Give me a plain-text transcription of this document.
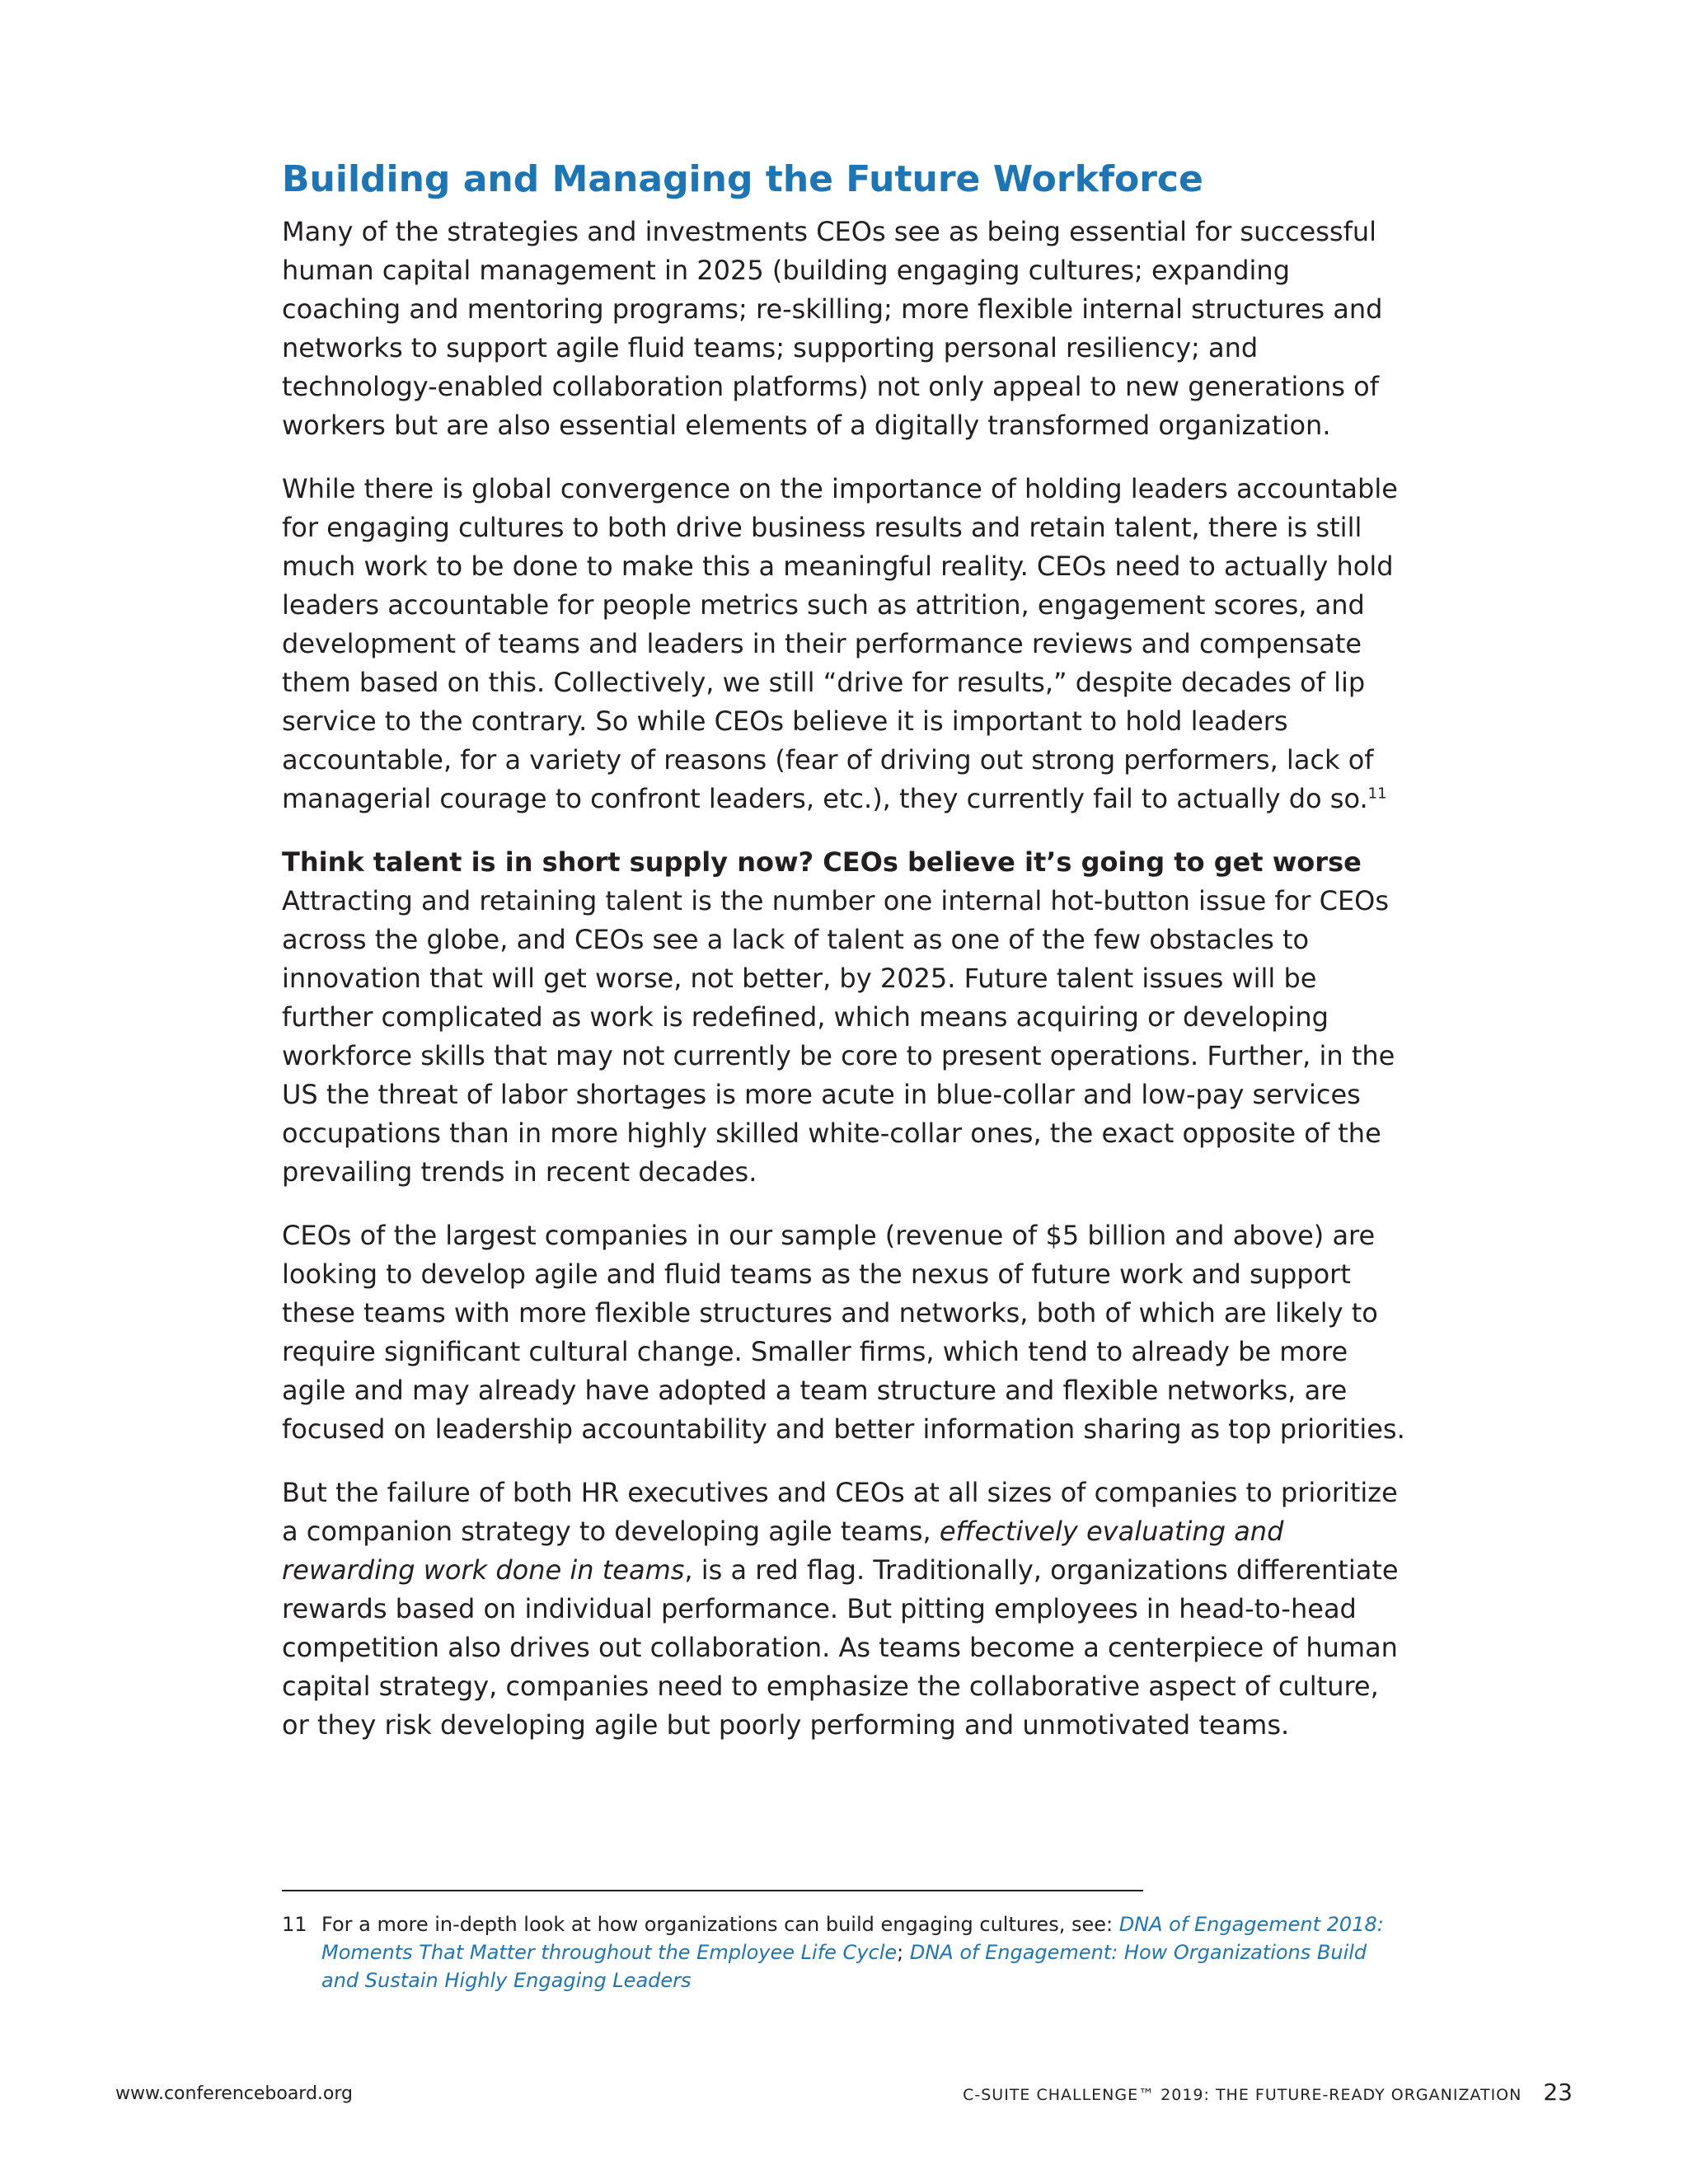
Building and Managing the Future Workforce

Many of the strategies and investments CEOs see as being essential for successful human capital management in 2025 (building engaging cultures; expanding coaching and mentoring programs; re-skilling; more flexible internal structures and networks to support agile fluid teams; supporting personal resiliency; and technology-enabled collaboration platforms) not only appeal to new generations of workers but are also essential elements of a digitally transformed organization.

While there is global convergence on the importance of holding leaders accountable for engaging cultures to both drive business results and retain talent, there is still much work to be done to make this a meaningful reality. CEOs need to actually hold leaders accountable for people metrics such as attrition, engagement scores, and development of teams and leaders in their performance reviews and compensate them based on this. Collectively, we still “drive for results,” despite decades of lip service to the contrary. So while CEOs believe it is important to hold leaders accountable, for a variety of reasons (fear of driving out strong performers, lack of managerial courage to confront leaders, etc.), they currently fail to actually do so.$^{11}$

Think talent is in short supply now? CEOs believe it’s going to get worse Attracting and retaining talent is the number one internal hot-button issue for CEOs across the globe, and CEOs see a lack of talent as one of the few obstacles to innovation that will get worse, not better, by 2025. Future talent issues will be further complicated as work is redefined, which means acquiring or developing workforce skills that may not currently be core to present operations. Further, in the US the threat of labor shortages is more acute in blue-collar and low-pay services occupations than in more highly skilled white-collar ones, the exact opposite of the prevailing trends in recent decades.

CEOs of the largest companies in our sample (revenue of $5 billion and above) are looking to develop agile and fluid teams as the nexus of future work and support these teams with more flexible structures and networks, both of which are likely to require significant cultural change. Smaller firms, which tend to already be more agile and may already have adopted a team structure and flexible networks, are focused on leadership accountability and better information sharing as top priorities.

But the failure of both HR executives and CEOs at all sizes of companies to prioritize a companion strategy to developing agile teams, effectively evaluating and rewarding work done in teams, is a red flag. Traditionally, organizations differentiate rewards based on individual performance. But pitting employees in head-to-head competition also drives out collaboration. As teams become a centerpiece of human capital strategy, companies need to emphasize the collaborative aspect of culture, or they risk developing agile but poorly performing and unmotivated teams.

11 For a more in-depth look at how organizations can build engaging cultures, see: DNA of Engagement 2018: Moments That Matter throughout the Employee Life Cycle; DNA of Engagement: How Organizations Build and Sustain Highly Engaging Leaders
www.conferenceboard.org	C-SUITE CHALLENGE™ 2019: THE FUTURE-READY ORGANIZATION 23
